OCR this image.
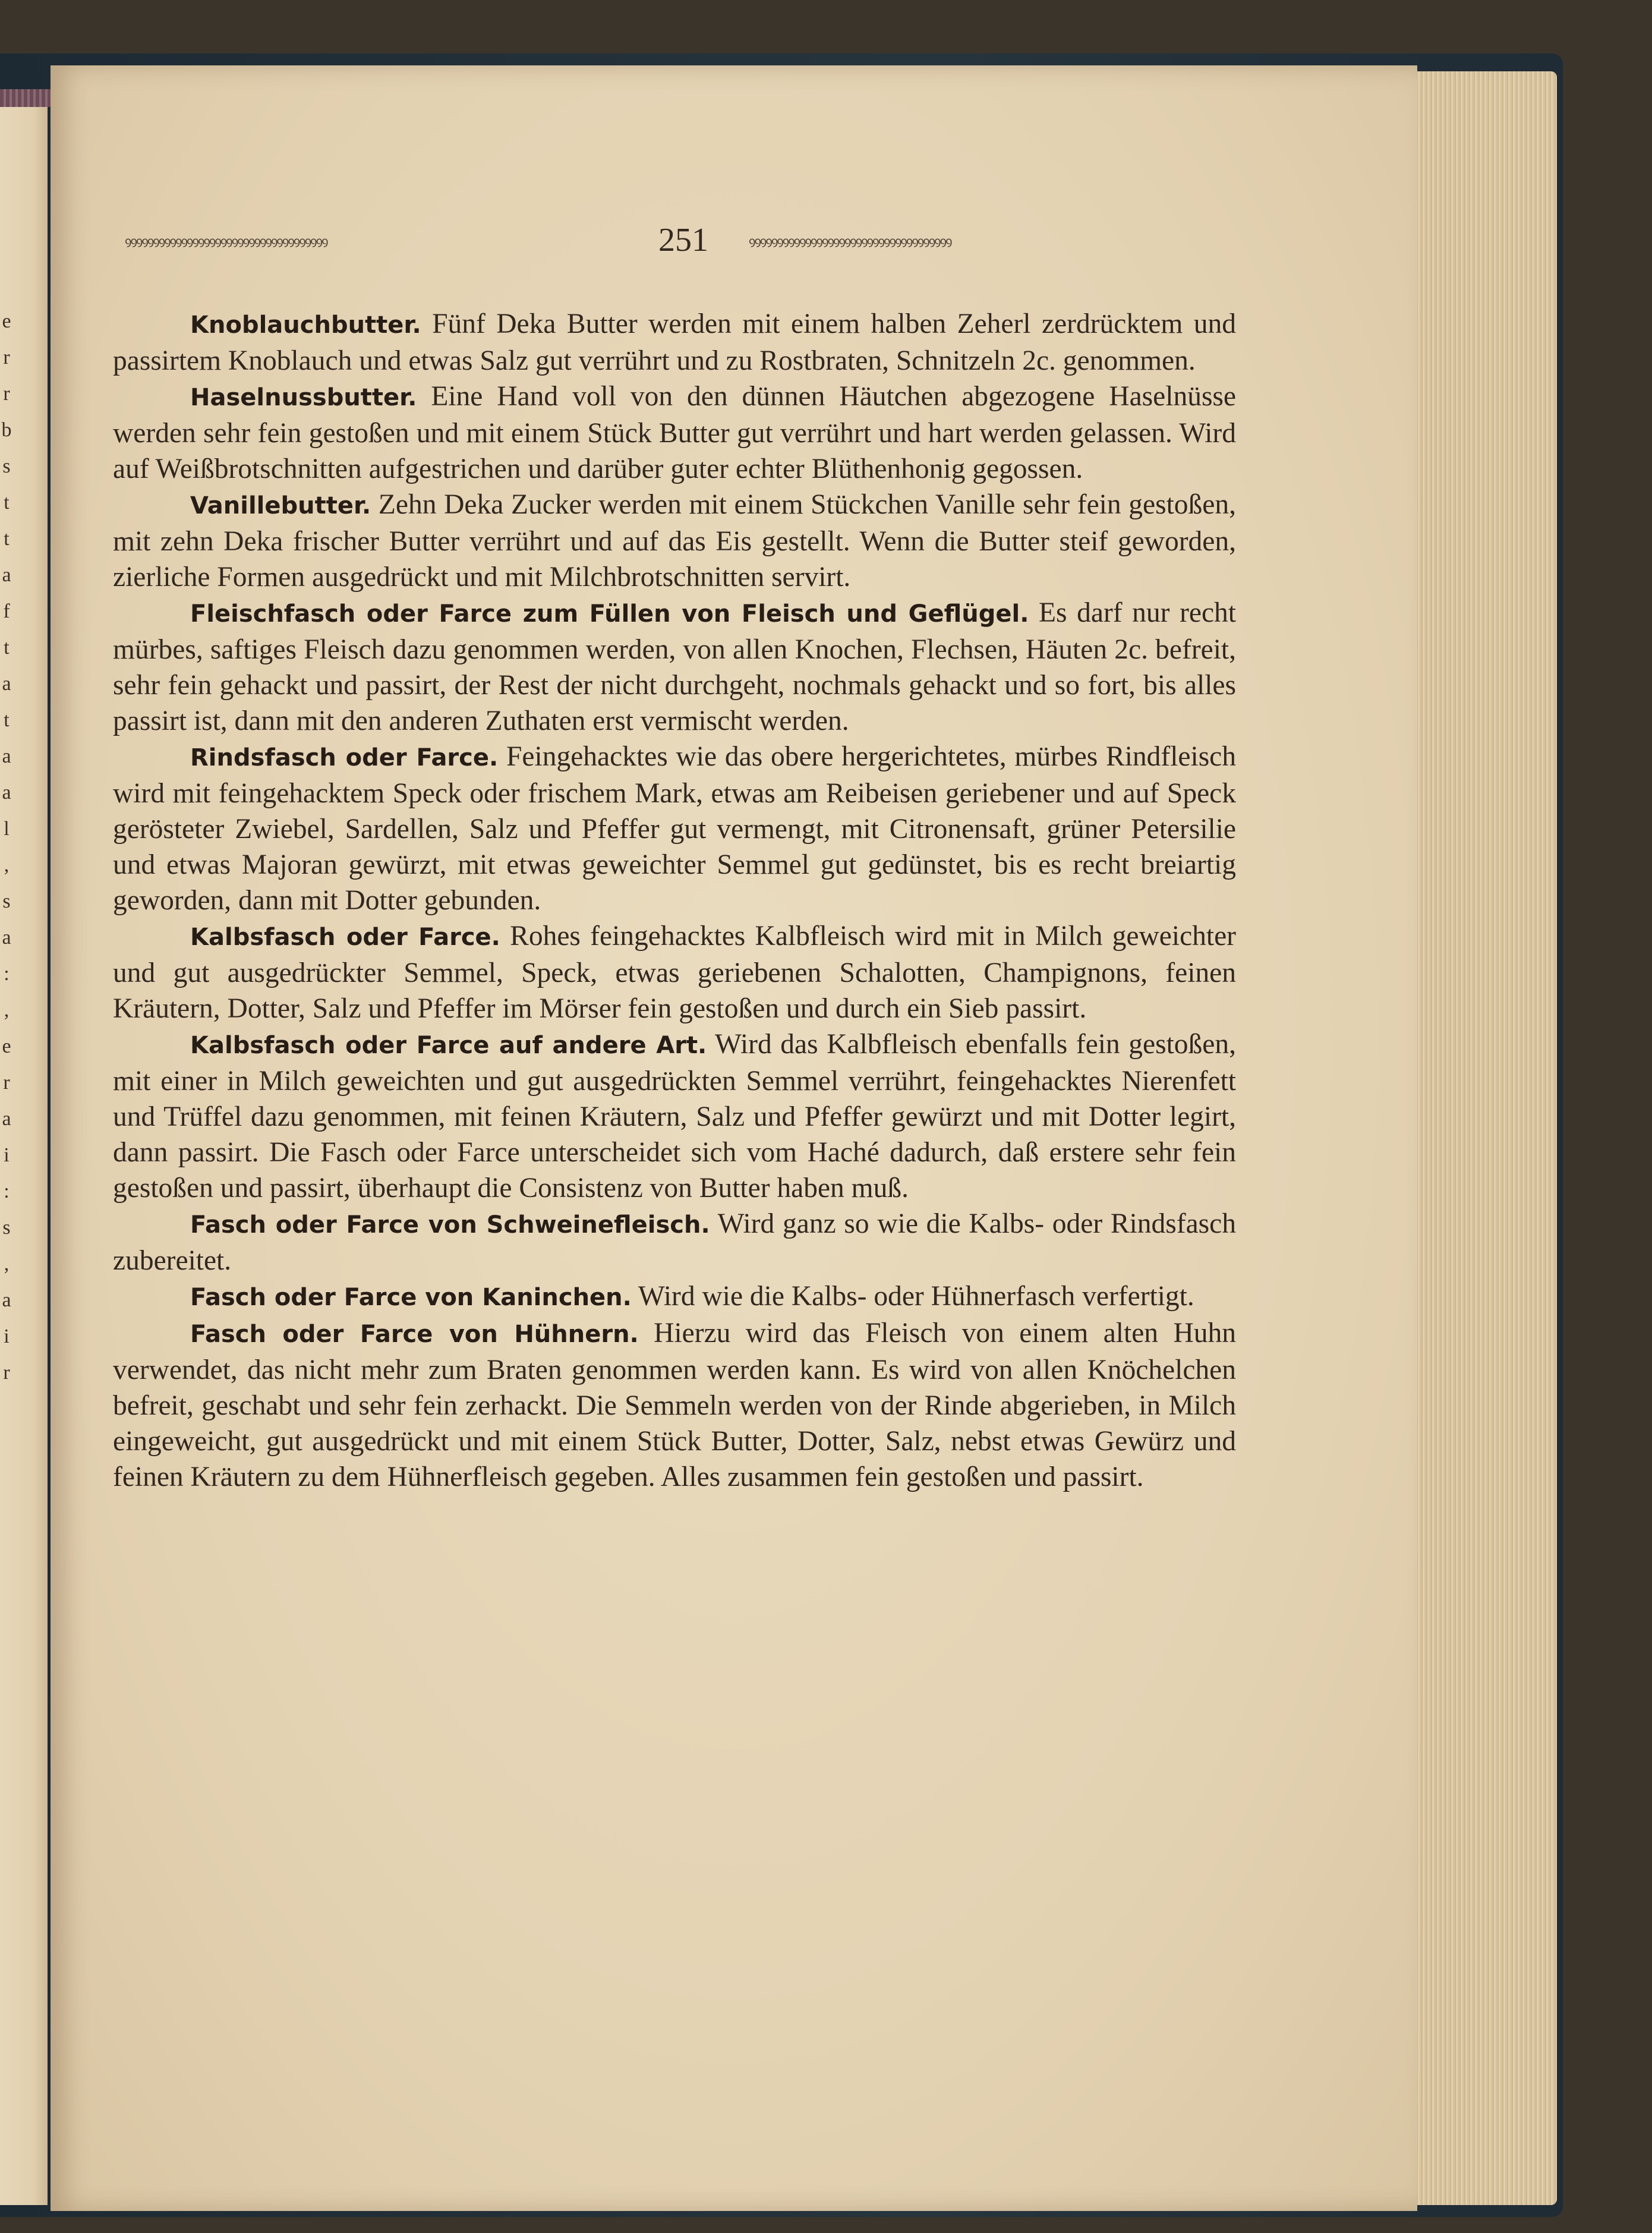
e r r b s t t a f t a t a a l , s a : , e r a i : s , a i r
ꝰꝰꝰꝰꝰꝰꝰꝰꝰꝰꝰꝰꝰꝰꝰꝰꝰꝰꝰꝰꝰꝰꝰꝰꝰꝰꝰꝰꝰꝰꝰꝰꝰꝰꝰꝰ	251	ꝰꝰꝰꝰꝰꝰꝰꝰꝰꝰꝰꝰꝰꝰꝰꝰꝰꝰꝰꝰꝰꝰꝰꝰꝰꝰꝰꝰꝰꝰꝰꝰꝰꝰꝰꝰ

Knoblauchbutter. Fünf Deka Butter werden mit einem halben Zeherl zerdrücktem und passirtem Knoblauch und etwas Salz gut verrührt und zu Rostbraten, Schnitzeln 2c. genommen.

Haselnussbutter. Eine Hand voll von den dünnen Häutchen abgezogene Haselnüsse werden sehr fein gestoßen und mit einem Stück Butter gut verrührt und hart werden gelassen. Wird auf Weißbrotschnitten aufgestrichen und darüber guter echter Blüthenhonig gegossen.

Vanillebutter. Zehn Deka Zucker werden mit einem Stückchen Vanille sehr fein gestoßen, mit zehn Deka frischer Butter verrührt und auf das Eis gestellt. Wenn die Butter steif geworden, zierliche Formen ausgedrückt und mit Milchbrotschnitten servirt.

Fleischfasch oder Farce zum Füllen von Fleisch und Geflügel. Es darf nur recht mürbes, saftiges Fleisch dazu genommen werden, von allen Knochen, Flechsen, Häuten 2c. befreit, sehr fein gehackt und passirt, der Rest der nicht durchgeht, nochmals gehackt und so fort, bis alles passirt ist, dann mit den anderen Zuthaten erst vermischt werden.

Rindsfasch oder Farce. Feingehacktes wie das obere hergerichtetes, mürbes Rindfleisch wird mit feingehacktem Speck oder frischem Mark, etwas am Reibeisen geriebener und auf Speck gerösteter Zwiebel, Sardellen, Salz und Pfeffer gut vermengt, mit Citronensaft, grüner Petersilie und etwas Majoran gewürzt, mit etwas geweichter Semmel gut gedünstet, bis es recht breiartig geworden, dann mit Dotter gebunden.

Kalbsfasch oder Farce. Rohes feingehacktes Kalbfleisch wird mit in Milch geweichter und gut ausgedrückter Semmel, Speck, etwas geriebenen Schalotten, Champignons, feinen Kräutern, Dotter, Salz und Pfeffer im Mörser fein gestoßen und durch ein Sieb passirt.

Kalbsfasch oder Farce auf andere Art. Wird das Kalbfleisch ebenfalls fein gestoßen, mit einer in Milch geweichten und gut ausgedrückten Semmel verrührt, feingehacktes Nierenfett und Trüffel dazu genommen, mit feinen Kräutern, Salz und Pfeffer gewürzt und mit Dotter legirt, dann passirt. Die Fasch oder Farce unterscheidet sich vom Haché dadurch, daß erstere sehr fein gestoßen und passirt, überhaupt die Consistenz von Butter haben muß.

Fasch oder Farce von Schweinefleisch. Wird ganz so wie die Kalbs- oder Rindsfasch zubereitet.

Fasch oder Farce von Kaninchen. Wird wie die Kalbs- oder Hühnerfasch verfertigt.

Fasch oder Farce von Hühnern. Hierzu wird das Fleisch von einem alten Huhn verwendet, das nicht mehr zum Braten genommen werden kann. Es wird von allen Knöchelchen befreit, geschabt und sehr fein zerhackt. Die Semmeln werden von der Rinde abgerieben, in Milch eingeweicht, gut ausgedrückt und mit einem Stück Butter, Dotter, Salz, nebst etwas Gewürz und feinen Kräutern zu dem Hühnerfleisch gegeben. Alles zusammen fein gestoßen und passirt.
